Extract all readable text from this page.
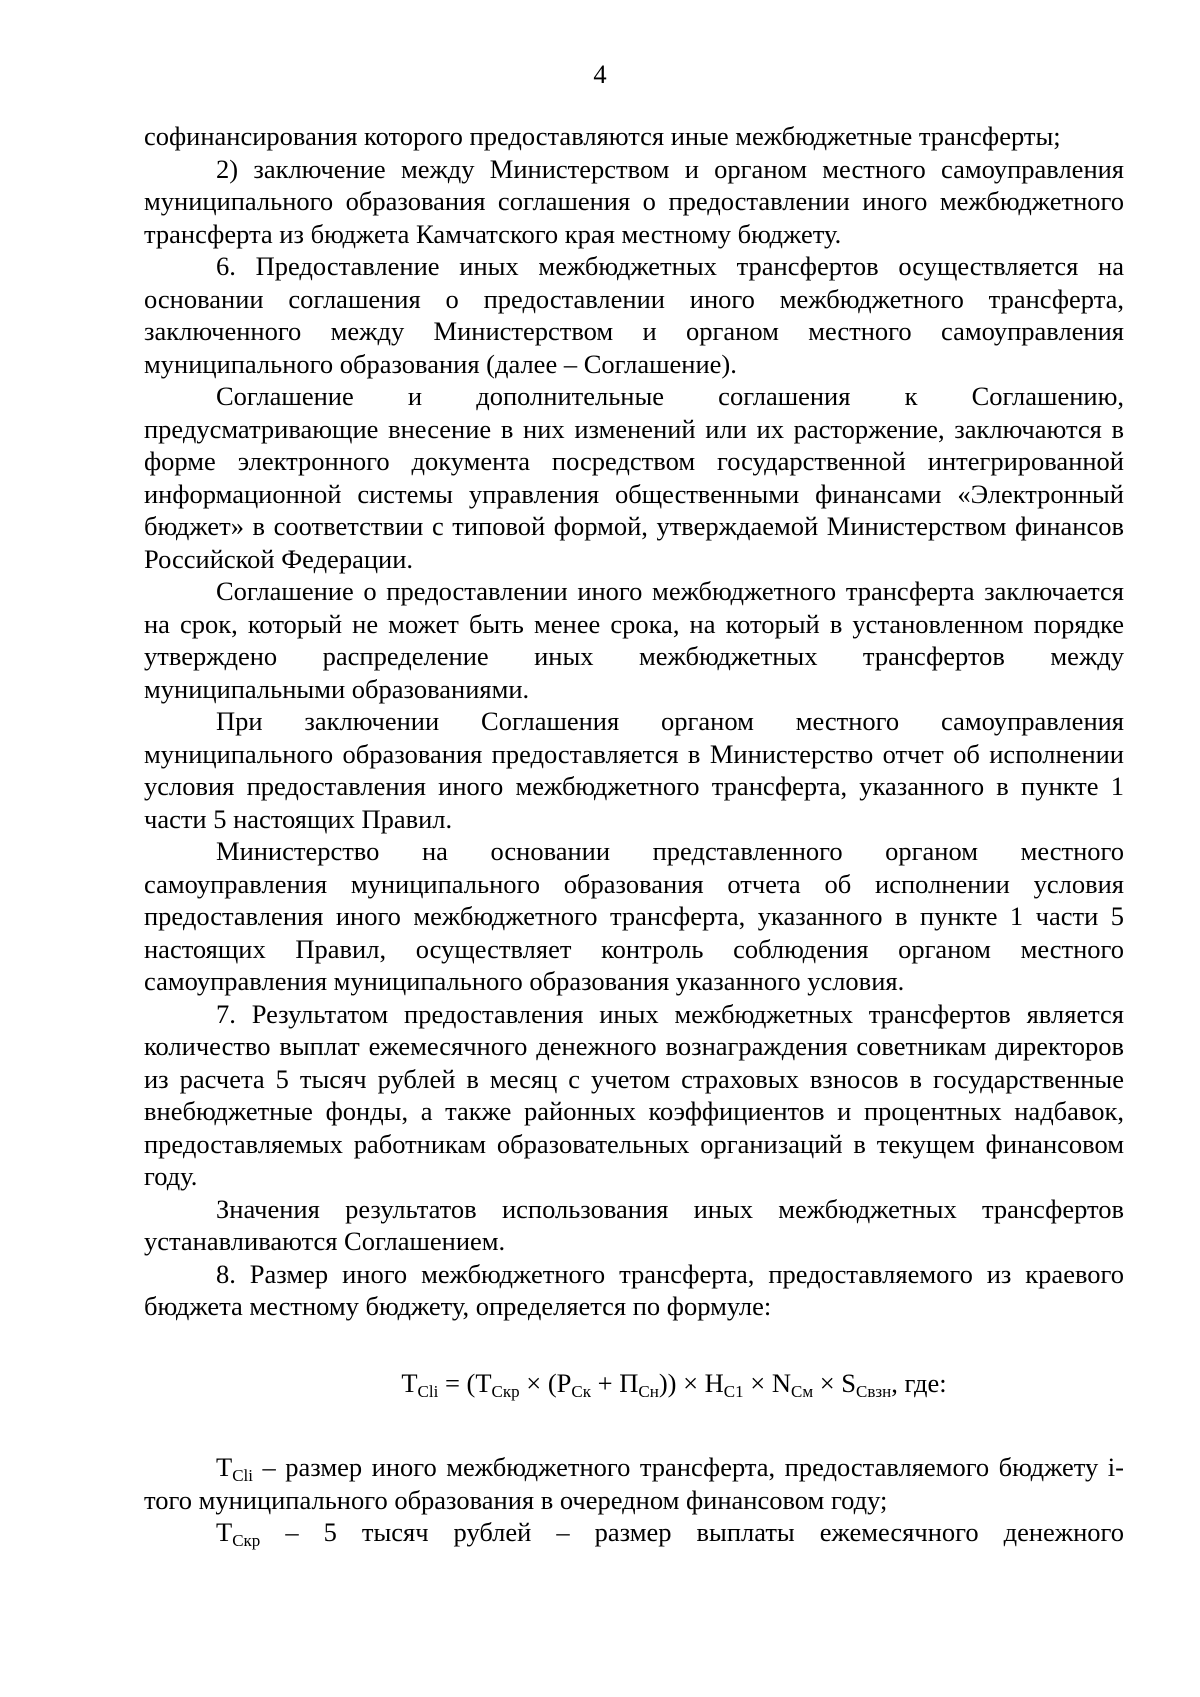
4

софинансирования которого предоставляются иные межбюджетные трансферты;

2) заключение между Министерством и органом местного самоуправления муниципального образования соглашения о предоставлении иного межбюджетного трансферта из бюджета Камчатского края местному бюджету.

6. Предоставление иных межбюджетных трансфертов осуществляется на основании соглашения о предоставлении иного межбюджетного трансферта, заключенного между Министерством и органом местного самоуправления муниципального образования (далее – Соглашение).

Соглашение и дополнительные соглашения к Соглашению, предусматривающие внесение в них изменений или их расторжение, заключаются в форме электронного документа посредством государственной интегрированной информационной системы управления общественными финансами «Электронный бюджет» в соответствии с типовой формой, утверждаемой Министерством финансов Российской Федерации.

Соглашение о предоставлении иного межбюджетного трансферта заключается на срок, который не может быть менее срока, на который в установленном порядке утверждено распределение иных межбюджетных трансфертов между муниципальными образованиями.

При заключении Соглашения органом местного самоуправления муниципального образования предоставляется в Министерство отчет об исполнении условия предоставления иного межбюджетного трансферта, указанного в пункте 1 части 5 настоящих Правил.

Министерство на основании представленного органом местного самоуправления муниципального образования отчета об исполнении условия предоставления иного межбюджетного трансферта, указанного в пункте 1 части 5 настоящих Правил, осуществляет контроль соблюдения органом местного самоуправления муниципального образования указанного условия.

7. Результатом предоставления иных межбюджетных трансфертов является количество выплат ежемесячного денежного вознаграждения советникам директоров из расчета 5 тысяч рублей в месяц с учетом страховых взносов в государственные внебюджетные фонды, а также районных коэффициентов и процентных надбавок, предоставляемых работникам образовательных организаций в текущем финансовом году.

Значения результатов использования иных межбюджетных трансфертов устанавливаются Соглашением.

8. Размер иного межбюджетного трансферта, предоставляемого из краевого бюджета местному бюджету, определяется по формуле:

$Т_{Cli} = (Т_{Скр} \times (Р_{Ск} + П_{Сн})) \times Н_{С1} \times N_{См} \times S_{Свзн}$, где:

$Т_{Cli}$ – размер иного межбюджетного трансферта, предоставляемого бюджету i-того муниципального образования в очередном финансовом году;

$Т_{Скр} - 5$ тысяч рублей – размер выплаты ежемесячного денежного
